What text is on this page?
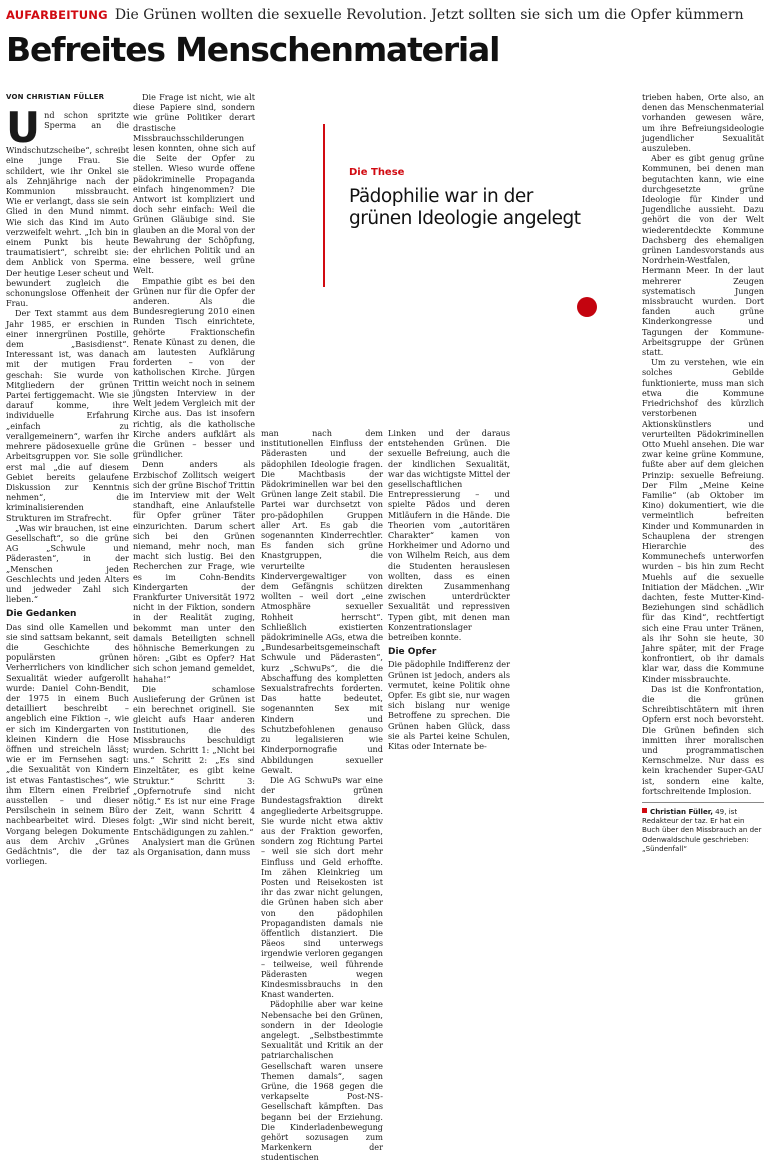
AUFARBEITUNG Die Grünen wollten die sexuelle Revolution. Jetzt sollten sie sich um die Opfer kümmern
Befreites Menschenmaterial
VON CHRISTIAN FÜLLER

Und schon spritzte Sperma an die Windschutzscheibe“, schreibt eine junge Frau. Sie schildert, wie ihr Onkel sie als Zehnjährige nach der Kommunion missbraucht. Wie er verlangt, dass sie sein Glied in den Mund nimmt. Wie sich das Kind im Auto verzweifelt wehrt. „Ich bin in einem Punkt bis heute traumatisiert“, schreibt sie: dem Anblick von Sperma. Der heutige Leser scheut und bewundert zugleich die schonungslose Offenheit der Frau.

Der Text stammt aus dem Jahr 1985, er erschien in einer innergrünen Postille, dem „Basisdienst“. Interessant ist, was danach mit der mutigen Frau geschah: Sie wurde von Mitgliedern der grünen Partei fertiggemacht. Wie sie darauf komme, ihre individuelle Erfahrung „einfach zu verallgemeinern“, warfen ihr mehrere pädosexuelle grüne Arbeitsgruppen vor. Sie solle erst mal „die auf diesem Gebiet bereits gelaufene Diskussion zur Kenntnis nehmen“, die kriminalisierenden Strukturen im Strafrecht.

„Was wir brauchen, ist eine Gesellschaft“, so die grüne AG „Schwule und Päderasten“, in der „Menschen jeden Geschlechts und jeden Alters und jedweder Zahl sich lieben.“

Die Gedanken

Das sind olle Kamellen und sie sind sattsam bekannt, seit die Geschichte des populärsten grünen Verherrlichers von kindlicher Sexualität wieder aufgerollt wurde: Daniel Cohn-Bendit, der 1975 in einem Buch detailliert beschreibt – angeblich eine Fiktion –, wie er sich im Kindergarten von kleinen Kindern die Hose öffnen und streicheln lässt; wie er im Fernsehen sagt: „die Sexualität von Kindern ist etwas Fantastisches“, wie ihm Eltern einen Freibrief ausstellen – und dieser Persilschein in seinem Büro nachbearbeitet wird. Dieses Vorgang belegen Dokumente aus dem Archiv „Grünes Gedächtnis“, die der taz vorliegen.

Die Frage ist nicht, wie alt diese Papiere sind, sondern wie grüne Politiker derart drastische Missbrauchsschilderungen lesen konnten, ohne sich auf die Seite der Opfer zu stellen. Wieso wurde offene pädokriminelle Propaganda einfach hingenommen? Die Antwort ist kompliziert und doch sehr einfach: Weil die Grünen Gläubige sind. Sie glauben an die Moral von der Bewahrung der Schöpfung, der ehrlichen Politik und an eine bessere, weil grüne Welt.

Empathie gibt es bei den Grünen nur für die Opfer der anderen. Als die Bundesregierung 2010 einen Runden Tisch einrichtete, gehörte Fraktionschefin Renate Künast zu denen, die am lautesten Aufklärung forderten – von der katholischen Kirche. Jürgen Trittin weicht noch in seinem jüngsten Interview in der Welt jedem Vergleich mit der Kirche aus. Das ist insofern richtig, als die katholische Kirche anders aufklärt als die Grünen – besser und gründlicher.

Denn anders als Erzbischof Zollitsch weigert sich der grüne Bischof Trittin im Interview mit der Welt standhaft, eine Anlaufstelle für Opfer grüner Täter einzurichten. Darum schert sich bei den Grünen niemand, mehr noch, man macht sich lustig. Bei den Recherchen zur Frage, wie es im Cohn-Bendits Kindergarten der Frankfurter Universität 1972 nicht in der Fiktion, sondern in der Realität zuging, bekommt man unter den damals Beteiligten schnell höhnische Bemerkungen zu hören: „Gibt es Opfer? Hat sich schon jemand gemeldet, hahaha!“

Die schamlose Auslieferung der Grünen ist ein berechnet originell. Sie gleicht aufs Haar anderen Institutionen, die des Missbrauchs beschuldigt wurden. Schritt 1: „Nicht bei uns.“ Schritt 2: „Es sind Einzeltäter, es gibt keine Struktur.“ Schritt 3: „Opfernotrufe sind nicht nötig.“ Es ist nur eine Frage der Zeit, wann Schritt 4 folgt: „Wir sind nicht bereit, Entschädigungen zu zahlen.“

Analysiert man die Grünen als Organisation, dann muss

Die These
Pädophilie war in der grünen Ideologie angelegt

man nach dem institutionellen Einfluss der Päderasten und der pädophilen Ideologie fragen. Die Machtbasis der Pädokriminellen war bei den Grünen lange Zeit stabil. Die Partei war durchsetzt von pro-pädophilen Gruppen aller Art. Es gab die sogenannten Kinderrechtler. Es fanden sich grüne Knastgruppen, die verurteilte Kindervergewaltiger von dem Gefängnis schützen wollten – weil dort „eine Atmosphäre sexueller Rohheit herrscht“. Schließlich existierten pädokriminelle AGs, etwa die „Bundesarbeitsgemeinschaft Schwule und Päderasten“, kurz „SchwuPs“, die die Abschaffung des kompletten Sexualstrafrechts forderten. Das hatte bedeutet, sogenannten Sex mit Kindern und Schutzbefohlenen genauso zu legalisieren wie Kinderpornografie und Abbildungen sexueller Gewalt.

Die AG SchwuPs war eine der grünen Bundestagsfraktion direkt angegliederte Arbeitsgruppe. Sie wurde nicht etwa aktiv aus der Fraktion geworfen, sondern zog Richtung Partei – weil sie sich dort mehr Einfluss und Geld erhoffte. Im zähen Kleinkrieg um Posten und Reisekosten ist ihr das zwar nicht gelungen, die Grünen haben sich aber von den pädophilen Propagandisten damals nie öffentlich distanziert. Die Päeos sind unterwegs irgendwie verloren gegangen – teilweise, weil führende Päderasten wegen Kindesmissbrauchs in den Knast wanderten.

Pädophilie aber war keine Nebensache bei den Grünen, sondern in der Ideologie angelegt. „Selbstbestimmte Sexualität und Kritik an der patriarchalischen Gesellschaft waren unsere Themen damals“, sagen Grüne, die 1968 gegen die verkapselte Post-NS-Gesellschaft kämpften. Das begann bei der Erziehung. Die Kinderladenbewegung gehört sozusagen zum Markenkern der studentischen

Linken und der daraus entstehenden Grünen. Die sexuelle Befreiung, auch die der kindlichen Sexualität, war das wichtigste Mittel der gesellschaftlichen Entrepressierung – und spielte Pädos und deren Mitläufern in die Hände. Die Theorien vom „autoritären Charakter“ kamen von Horkheimer und Adorno und von Wilhelm Reich, aus dem die Studenten herauslesen wollten, dass es einen direkten Zusammenhang zwischen unterdrückter Sexualität und repressiven Typen gibt, mit denen man Konzentrationslager betreiben konnte.

Die Opfer

Die pädophile Indifferenz der Grünen ist jedoch, anders als vermutet, keine Politik ohne Opfer. Es gibt sie, nur wagen sich bislang nur wenige Betroffene zu sprechen. Die Grünen haben Glück, dass sie als Partei keine Schulen, Kitas oder Internate be-

trieben haben, Orte also, an denen das Menschenmaterial vorhanden gewesen wäre, um ihre Befreiungsideologie jugendlicher Sexualität auszuleben.

Aber es gibt genug grüne Kommunen, bei denen man begutachten kann, wie eine durchgesetzte grüne Ideologie für Kinder und Jugendliche aussieht. Dazu gehört die von der Welt wiederentdeckte Kommune Dachsberg des ehemaligen grünen Landesvorstands aus Nordrhein-Westfalen, Hermann Meer. In der laut mehrerer Zeugen systematisch Jungen missbraucht wurden. Dort fanden auch grüne Kinderkongresse und Tagungen der Kommune-Arbeitsgruppe der Grünen statt.

Um zu verstehen, wie ein solches Gebilde funktionierte, muss man sich etwa die Kommune Friedrichshof des kürzlich verstorbenen Aktionskünstlers und verurteilten Pädokriminellen Otto Muehl ansehen. Die war zwar keine grüne Kommune, fußte aber auf dem gleichen Prinzip: sexuelle Befreiung. Der Film „Meine Keine Familie“ (ab Oktober im Kino) dokumentiert, wie die vermeintlich befreiten Kinder und Kommunarden in Schauplena der strengen Hierarchie des Kommunechefs unterworfen wurden – bis hin zum Recht Muehls auf die sexuelle Initiation der Mädchen. „Wir dachten, feste Mutter-Kind-Beziehungen sind schädlich für das Kind“, rechtfertigt sich eine Frau unter Tränen, als ihr Sohn sie heute, 30 Jahre später, mit der Frage konfrontiert, ob ihr damals klar war, dass die Kommune Kinder missbrauchte.

Das ist die Konfrontation, die die grünen Schreibtischtätern mit ihren Opfern erst noch bevorsteht. Die Grünen befinden sich inmitten ihrer moralischen und programmatischen Kernschmelze. Nur dass es kein krachender Super-GAU ist, sondern eine kalte, fortschreitende Implosion.

Christian Füller, 49, ist Redakteur der taz. Er hat ein Buch über den Missbrauch an der Odenwaldschule geschrieben: „Sündenfall“
